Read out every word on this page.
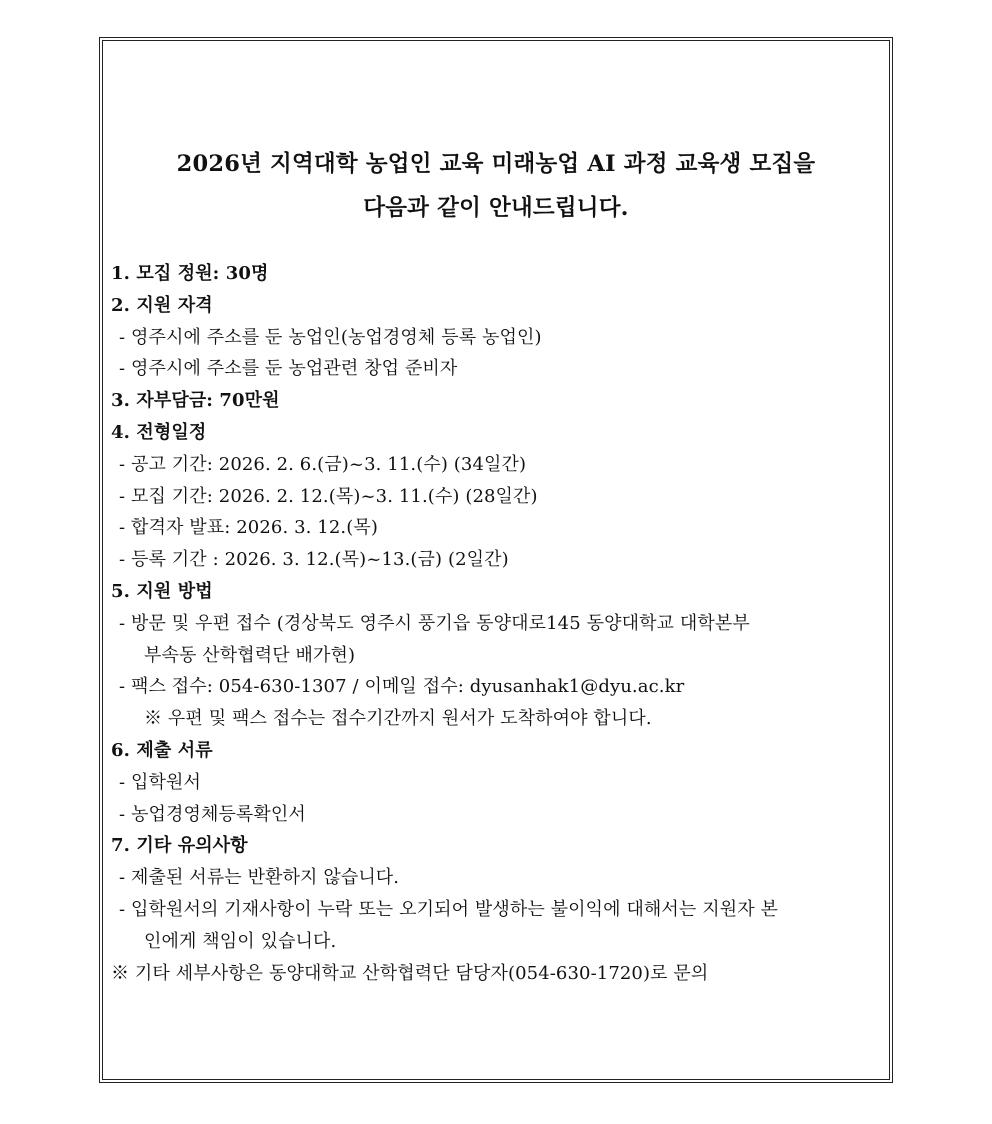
2026년 지역대학 농업인 교육 미래농업 AI 과정 교육생 모집을
다음과 같이 안내드립니다.
1. 모집 정원: 30명
2. 지원 자격
- 영주시에 주소를 둔 농업인(농업경영체 등록 농업인)
- 영주시에 주소를 둔 농업관련 창업 준비자
3. 자부담금: 70만원
4. 전형일정
- 공고 기간: 2026. 2. 6.(금)~3. 11.(수) (34일간)
- 모집 기간: 2026. 2. 12.(목)~3. 11.(수) (28일간)
- 합격자 발표: 2026. 3. 12.(목)
- 등록 기간 : 2026. 3. 12.(목)~13.(금) (2일간)
5. 지원 방법
- 방문 및 우편 접수 (경상북도 영주시 풍기읍 동양대로145 동양대학교 대학본부
부속동 산학협력단 배가현)
- 팩스 접수: 054-630-1307 / 이메일 접수: dyusanhak1@dyu.ac.kr
※ 우편 및 팩스 접수는 접수기간까지 원서가 도착하여야 합니다.
6. 제출 서류
- 입학원서
- 농업경영체등록확인서
7. 기타 유의사항
- 제출된 서류는 반환하지 않습니다.
- 입학원서의 기재사항이 누락 또는 오기되어 발생하는 불이익에 대해서는 지원자 본
인에게 책임이 있습니다.
※ 기타 세부사항은 동양대학교 산학협력단 담당자(054-630-1720)로 문의
